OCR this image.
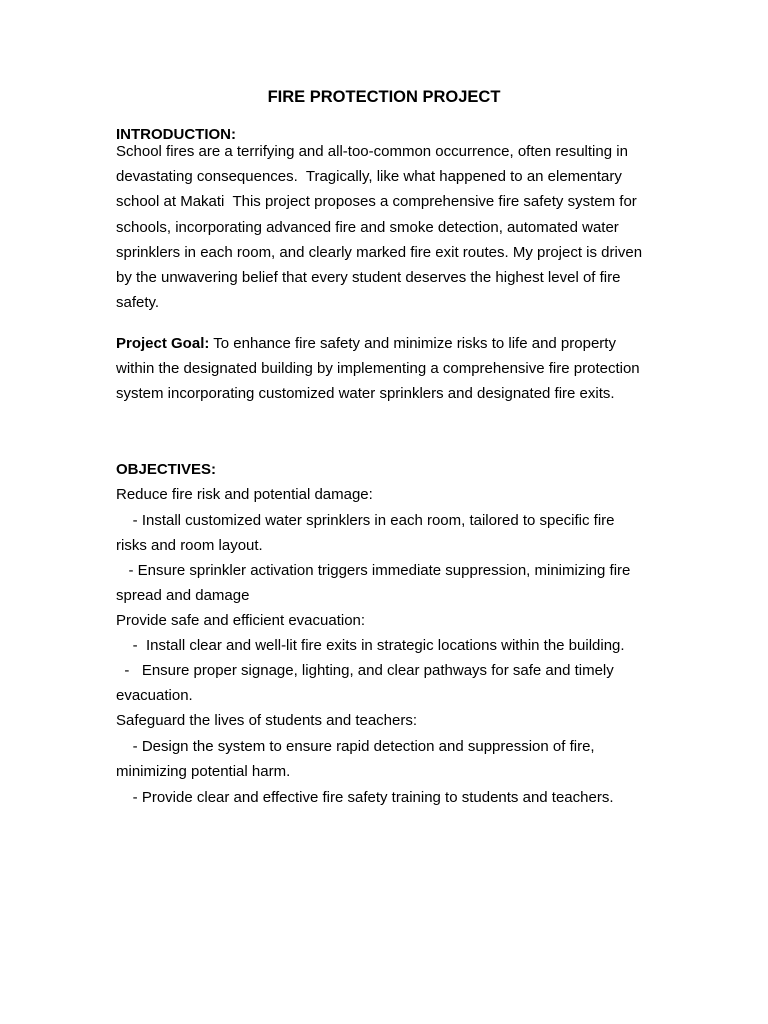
FIRE PROTECTION PROJECT
INTRODUCTION:
School fires are a terrifying and all-too-common occurrence, often resulting in devastating consequences.  Tragically, like what happened to an elementary school at Makati  This project proposes a comprehensive fire safety system for schools, incorporating advanced fire and smoke detection, automated water sprinklers in each room, and clearly marked fire exit routes. My project is driven by the unwavering belief that every student deserves the highest level of fire safety.
Project Goal: To enhance fire safety and minimize risks to life and property within the designated building by implementing a comprehensive fire protection system incorporating customized water sprinklers and designated fire exits.
OBJECTIVES:
Reduce fire risk and potential damage:
- Install customized water sprinklers in each room, tailored to specific fire
risks and room layout.
- Ensure sprinkler activation triggers immediate suppression, minimizing fire
spread and damage
Provide safe and efficient evacuation:
-  Install clear and well-lit fire exits in strategic locations within the building.
-   Ensure proper signage, lighting, and clear pathways for safe and timely
evacuation.
Safeguard the lives of students and teachers:
- Design the system to ensure rapid detection and suppression of fire,
minimizing potential harm.
- Provide clear and effective fire safety training to students and teachers.
